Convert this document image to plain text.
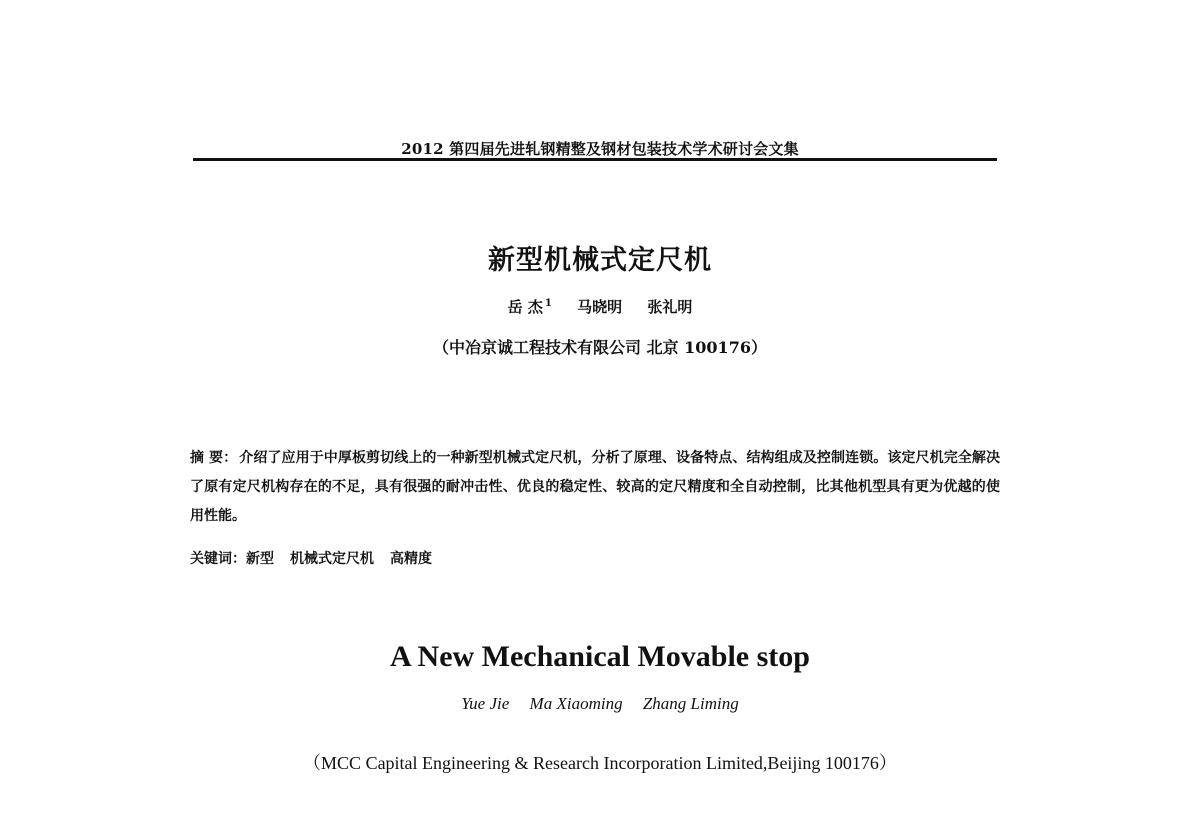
2012 第四届先进轧钢精整及钢材包装技术学术研讨会文集
新型机械式定尺机
岳 杰 $^1$ 马晓明 张礼明
（中冶京诚工程技术有限公司 北京 100176）
摘 要： 介绍了应用于中厚板剪切线上的一种新型机械式定尺机，分析了原理、设备特点、结构组成及控制连锁。该定尺机完全解决了原有定尺机构存在的不足，具有很强的耐冲击性、优良的稳定性、较高的定尺精度和全自动控制，比其他机型具有更为优越的使用性能。
关键词：新型 机械式定尺机 高精度
A New Mechanical Movable stop
Yue Jie Ma Xiaoming Zhang Liming
（MCC Capital Engineering & Research Incorporation Limited,Beijing 100176）
